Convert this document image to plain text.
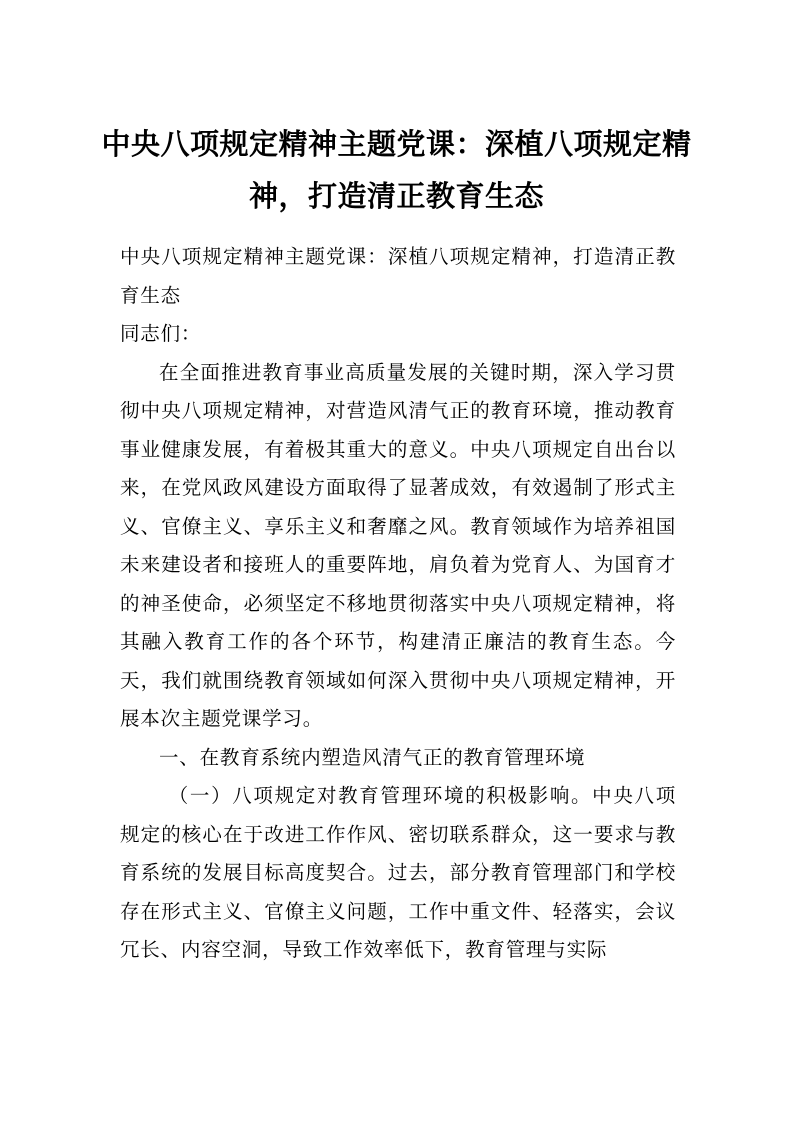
中央八项规定精神主题党课：深植八项规定精神，打造清正教育生态

中央八项规定精神主题党课：深植八项规定精神，打造清正教育生态

同志们：

在全面推进教育事业高质量发展的关键时期，深入学习贯彻中央八项规定精神，对营造风清气正的教育环境，推动教育事业健康发展，有着极其重大的意义。中央八项规定自出台以来，在党风政风建设方面取得了显著成效，有效遏制了形式主义、官僚主义、享乐主义和奢靡之风。教育领域作为培养祖国未来建设者和接班人的重要阵地，肩负着为党育人、为国育才的神圣使命，必须坚定不移地贯彻落实中央八项规定精神，将其融入教育工作的各个环节，构建清正廉洁的教育生态。今天，我们就围绕教育领域如何深入贯彻中央八项规定精神，开展本次主题党课学习。

一、在教育系统内塑造风清气正的教育管理环境

（一）八项规定对教育管理环境的积极影响。中央八项规定的核心在于改进工作作风、密切联系群众，这一要求与教育系统的发展目标高度契合。过去，部分教育管理部门和学校存在形式主义、官僚主义问题，工作中重文件、轻落实，会议冗长、内容空洞，导致工作效率低下，教育管理与实际
